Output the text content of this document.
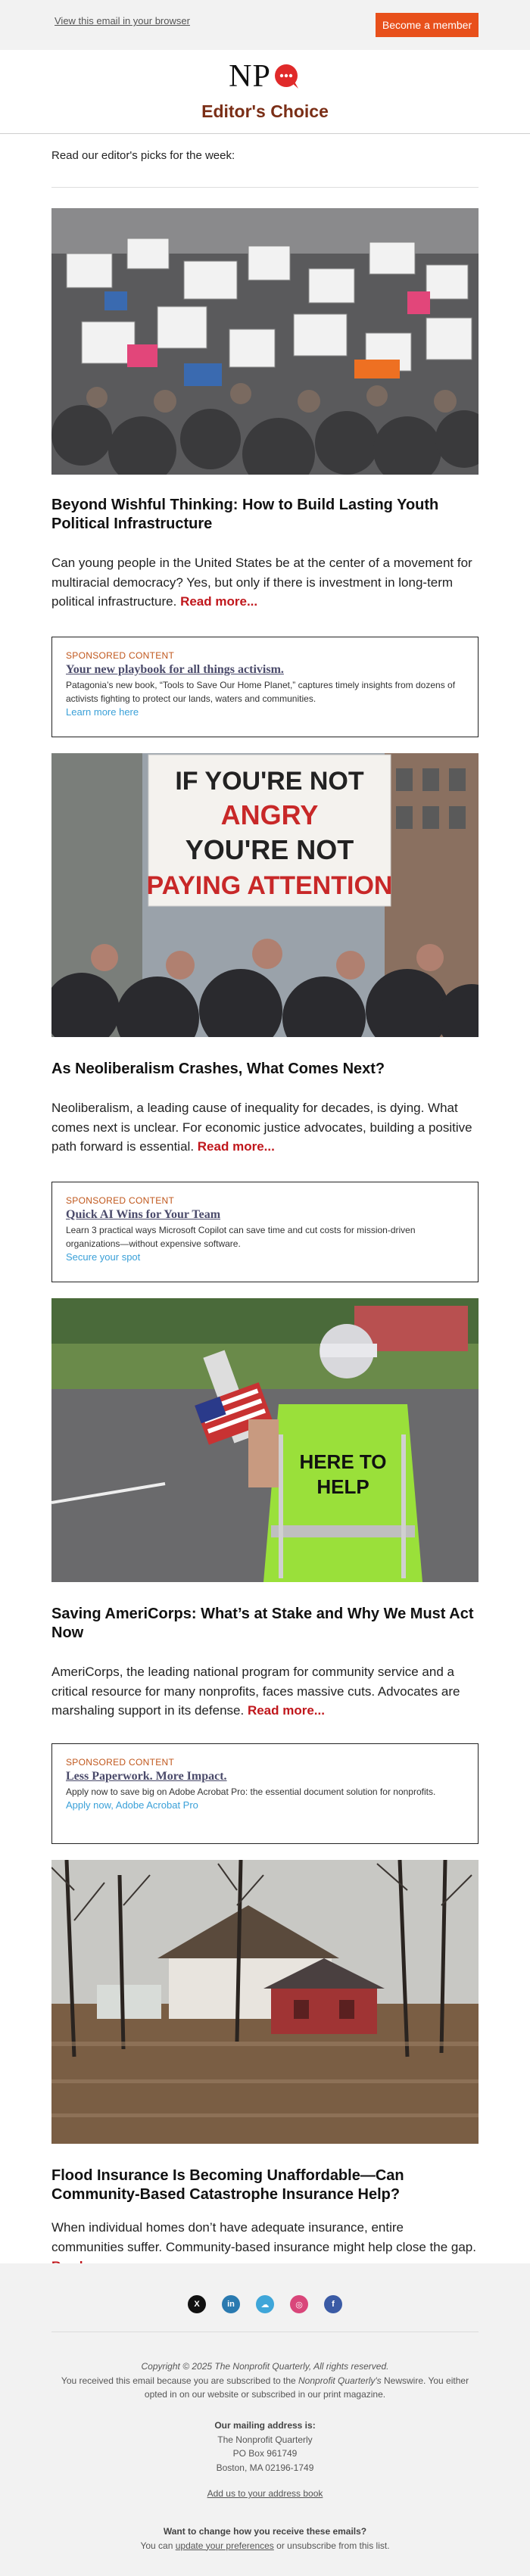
View this email in your browser	Become a member
NP
Editor's Choice
Read our editor's picks for the week:
Beyond Wishful Thinking: How to Build Lasting Youth Political Infrastructure
Can young people in the United States be at the center of a movement for multiracial democracy? Yes, but only if there is investment in long-term political infrastructure. Read more...
SPONSORED CONTENT
Your new playbook for all things activism.
Patagonia’s new book, “Tools to Save Our Home Planet,” captures timely insights from dozens of activists fighting to protect our lands, waters and communities.
Learn more here
IF YOU'RE NOT
ANGRY
YOU'RE NOT
PAYING ATTENTION
As Neoliberalism Crashes, What Comes Next?
Neoliberalism, a leading cause of inequality for decades, is dying. What comes next is unclear. For economic justice advocates, building a positive path forward is essential. Read more...
SPONSORED CONTENT
Quick AI Wins for Your Team
Learn 3 practical ways Microsoft Copilot can save time and cut costs for mission-driven organizations—without expensive software.
Secure your spot
HERE TO
HELP
Saving AmeriCorps: What’s at Stake and Why We Must Act Now
AmeriCorps, the leading national program for community service and a critical resource for many nonprofits, faces massive cuts. Advocates are marshaling support in its defense. Read more...
SPONSORED CONTENT
Less Paperwork. More Impact.
Apply now to save big on Adobe Acrobat Pro: the essential document solution for nonprofits.
Apply now, Adobe Acrobat Pro
Flood Insurance Is Becoming Unaffordable—Can Community-Based Catastrophe Insurance Help?
When individual homes don’t have adequate insurance, entire communities suffer. Community-based insurance might help close the gap.
X	in	☁	◎	f
Copyright © 2025 The Nonprofit Quarterly, All rights reserved.
You received this email because you are subscribed to the Nonprofit Quarterly's Newswire. You either opted in on our website or subscribed in our print magazine.
Our mailing address is:
The Nonprofit Quarterly
PO Box 961749
Boston, MA 02196-1749
Add us to your address book
Want to change how you receive these emails?
You can update your preferences or unsubscribe from this list.
